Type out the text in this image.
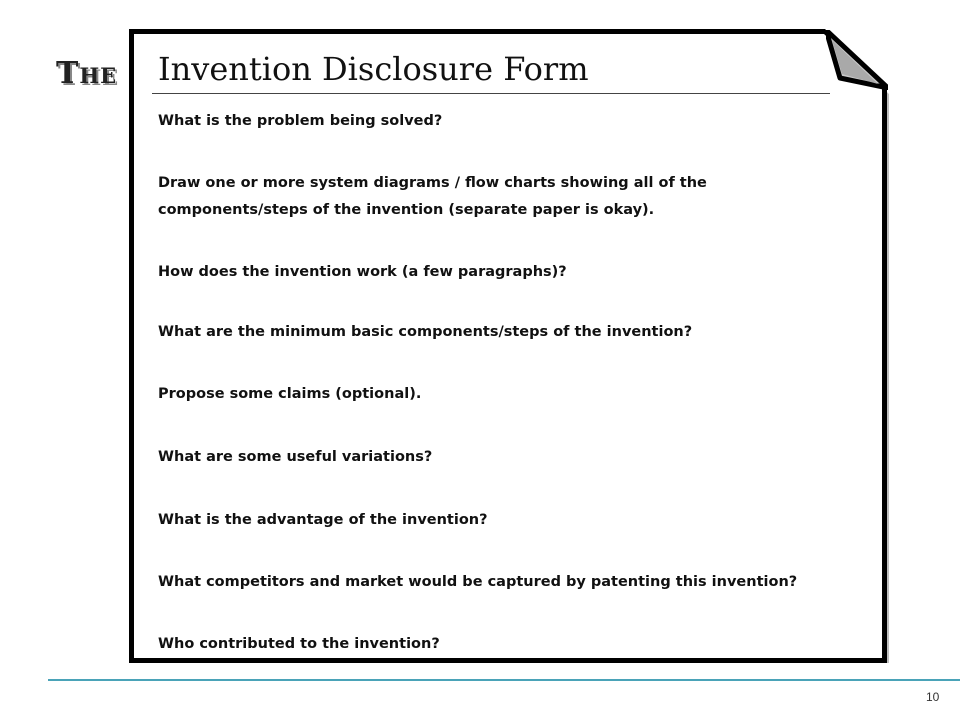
The Invention Disclosure Form
What is the problem being solved?
Draw one or more system diagrams / flow charts showing all of the
components/steps of the invention (separate paper is okay).
How does the invention work (a few paragraphs)?
What are the minimum basic components/steps of the invention?
Propose some claims (optional).
What are some useful variations?
What is the advantage of the invention?
What competitors and market would be captured by patenting this invention?
Who contributed to the invention?
10
